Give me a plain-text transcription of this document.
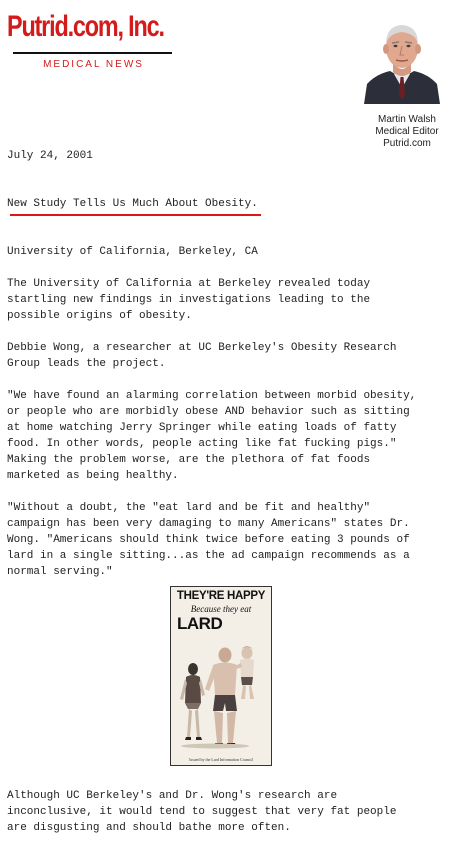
Putrid.com, Inc.
MEDICAL NEWS
Martin Walsh
Medical Editor
Putrid.com
July 24, 2001
New Study Tells Us Much About Obesity.
University of California, Berkeley, CA

The University of California at Berkeley revealed today
startling new findings in investigations leading to the
possible origins of obesity.

Debbie Wong, a researcher at UC Berkeley's Obesity Research
Group leads the project.

"We have found an alarming correlation between morbid obesity,
or people who are morbidly obese AND behavior such as sitting
at home watching Jerry Springer while eating loads of fatty
food. In other words, people acting like fat fucking pigs."
Making the problem worse, are the plethora of fat foods
marketed as being healthy.

"Without a doubt, the "eat lard and be fit and healthy"
campaign has been very damaging to many Americans" states Dr.
Wong. "Americans should think twice before eating 3 pounds of
lard in a single sitting...as the ad campaign recommends as a
normal serving."

THEY'RE HAPPY
Because they eat
LARD
Issued by the Lard Information Council

Although UC Berkeley's and Dr. Wong's research are
inconclusive, it would tend to suggest that very fat people
are disgusting and should bathe more often.
